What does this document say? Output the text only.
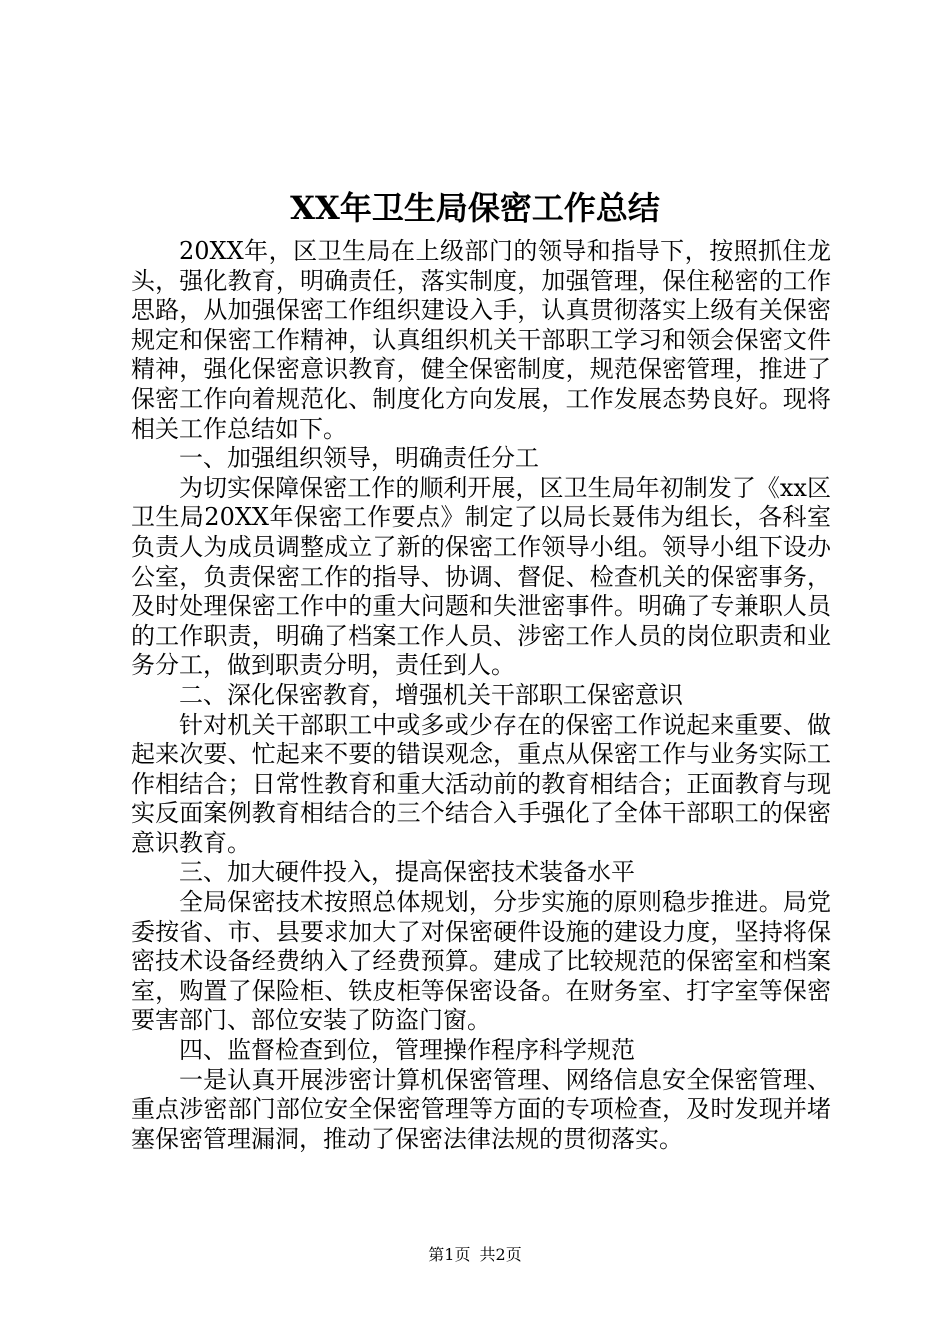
XX年卫生局保密工作总结

20XX年，区卫生局在上级部门的领导和指导下，按照抓住龙头，强化教育，明确责任，落实制度，加强管理，保住秘密的工作思路，从加强保密工作组织建设入手，认真贯彻落实上级有关保密规定和保密工作精神，认真组织机关干部职工学习和领会保密文件精神，强化保密意识教育，健全保密制度，规范保密管理，推进了保密工作向着规范化、制度化方向发展，工作发展态势良好。现将相关工作总结如下。

一、加强组织领导，明确责任分工

为切实保障保密工作的顺利开展，区卫生局年初制发了《xx区卫生局20XX年保密工作要点》制定了以局长聂伟为组长，各科室负责人为成员调整成立了新的保密工作领导小组。领导小组下设办公室，负责保密工作的指导、协调、督促、检查机关的保密事务，及时处理保密工作中的重大问题和失泄密事件。明确了专兼职人员的工作职责，明确了档案工作人员、涉密工作人员的岗位职责和业务分工，做到职责分明，责任到人。

二、深化保密教育，增强机关干部职工保密意识

针对机关干部职工中或多或少存在的保密工作说起来重要、做起来次要、忙起来不要的错误观念，重点从保密工作与业务实际工作相结合；日常性教育和重大活动前的教育相结合；正面教育与现实反面案例教育相结合的三个结合入手强化了全体干部职工的保密意识教育。

三、加大硬件投入，提高保密技术装备水平

全局保密技术按照总体规划，分步实施的原则稳步推进。局党委按省、市、县要求加大了对保密硬件设施的建设力度，坚持将保密技术设备经费纳入了经费预算。建成了比较规范的保密室和档案室，购置了保险柜、铁皮柜等保密设备。在财务室、打字室等保密要害部门、部位安装了防盗门窗。

四、监督检查到位，管理操作程序科学规范

一是认真开展涉密计算机保密管理、网络信息安全保密管理、重点涉密部门部位安全保密管理等方面的专项检查，及时发现并堵塞保密管理漏洞，推动了保密法律法规的贯彻落实。

第1页 共2页
